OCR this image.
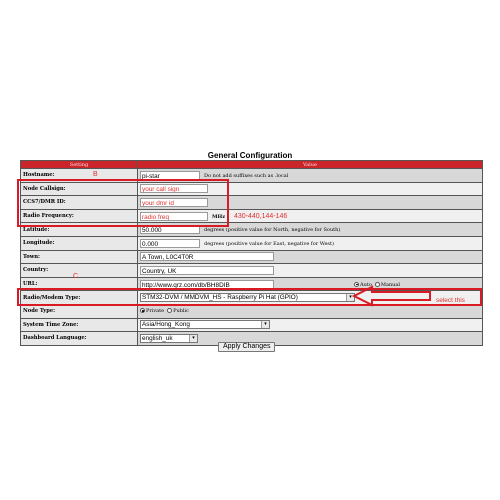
General Configuration
Setting	Value
Hostname:	pi-star Do not add suffixes such as .local
Node Callsign:	your call sign
CCS7/DMR ID:	your dmr id
Radio Frequency:	radio freq MHz
Latitude:	50.000 degrees (positive value for North, negative for South)
Longitude:	0.000 degrees (positive value for East, negative for West)
Town:	A Town, L0C4T0R
Country:	Country, UK
URL:	http://www.qrz.com/db/BH8DIB Auto Manual
Radio/Modem Type:	STM32-DVM / MMDVM_HS - Raspberry Pi Hat (GPIO) ▾

Node Type:	Private Public
System Time Zone:	Asia/Hong_Kong ▾

Dashboard Language:	english_uk ▾
Apply Changes
B
C
430-440,144-146
select this
